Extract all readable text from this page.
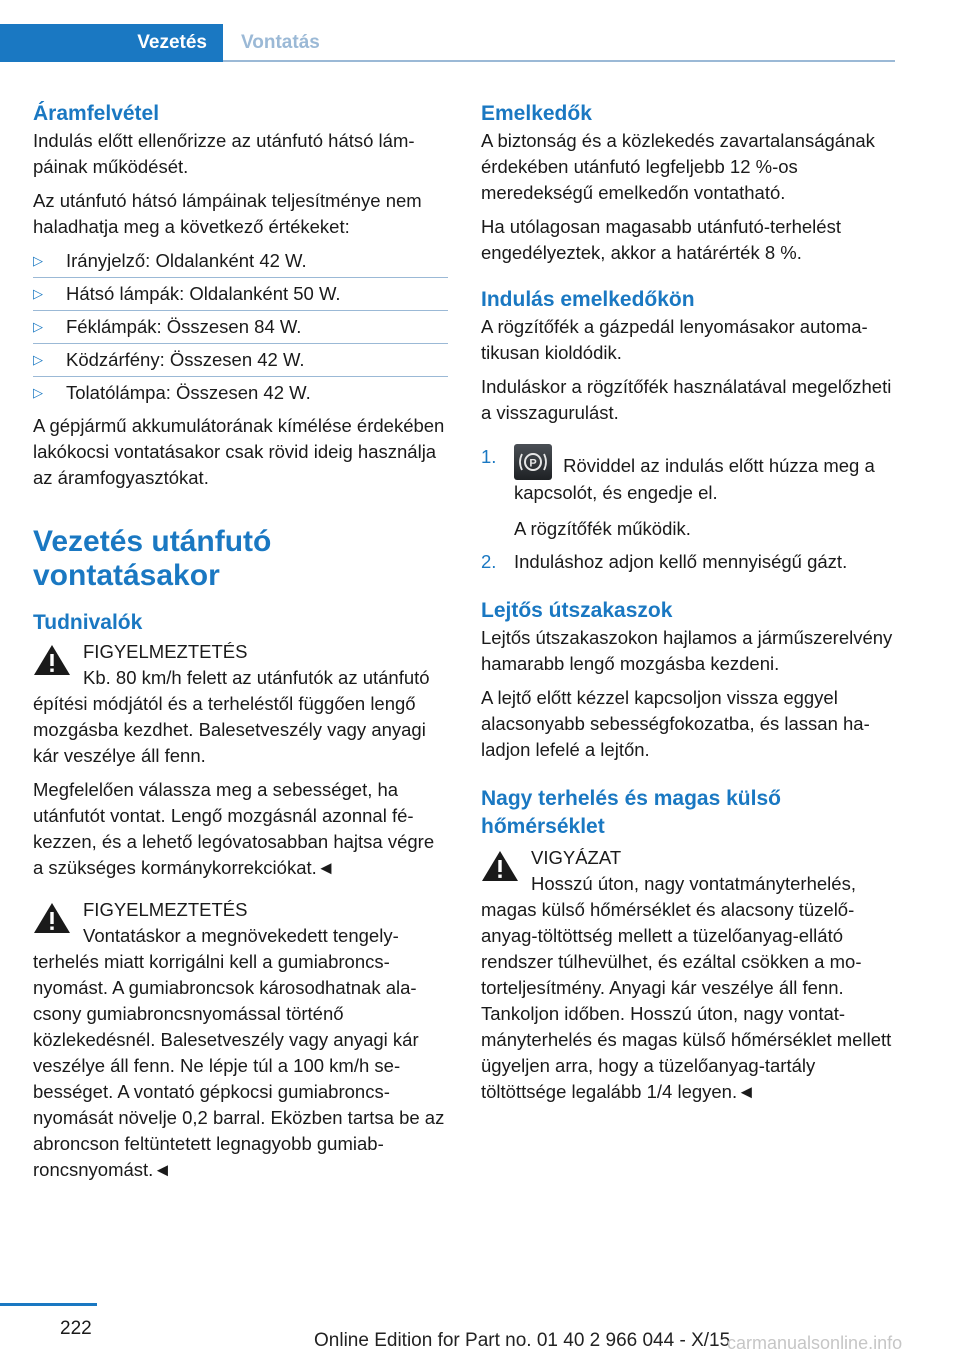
Vezetés	Vontatás
Áramfelvétel

Indulás előtt ellenőrizze az utánfutó hátsó lámpáinak működését.

Az utánfutó hátsó lámpáinak teljesítménye nem haladhatja meg a következő értékeket:

▷ Irányjelző: Oldalanként 42 W.
▷ Hátsó lámpák: Oldalanként 50 W.
▷ Féklámpák: Összesen 84 W.
▷ Ködzárfény: Összesen 42 W.
▷ Tolatólámpa: Összesen 42 W.

A gépjármű akkumulátorának kímélése érdekében lakókocsi vontatásakor csak rövid ideig használja az áramfogyasztókat.

Vezetés utánfutó vontatásakor
Tudnivalók
FIGYELMEZTETÉS

Kb. 80 km/h felett az utánfutók az utánfutó építési módjától és a terheléstől függően lengő mozgásba kezdhet. Balesetveszély vagy anyagi kár veszélye áll fenn.

Megfelelően válassza meg a sebességet, ha utánfutót vontat. Lengő mozgásnál azonnal fékezzen, és a lehető legóvatosabban hajtsa végre a szükséges kormánykorrekciókat.◄

FIGYELMEZTETÉS

Vontatáskor a megnövekedett tengelyterhelés miatt korrigálni kell a gumiabroncsnyomást. A gumiabroncsok károsodhatnak alacsony gumiabroncsnyomással történő közlekedésnél. Balesetveszély vagy anyagi kár veszélye áll fenn. Ne lépje túl a 100 km/h sebességet. A vontató gépkocsi gumiabroncsnyomását növelje 0,2 barral. Eközben tartsa be az abroncson feltüntetett legnagyobb gumiabroncsnyomást.◄

Emelkedők

A biztonság és a közlekedés zavartalanságának érdekében utánfutó legfeljebb 12 %-os meredekségű emelkedőn vontatható.

Ha utólagosan magasabb utánfutó-terhelést engedélyeztek, akkor a határérték 8 %.

Indulás emelkedőkön

A rögzítőfék a gázpedál lenyomásakor automatikusan kioldódik.

Induláskor a rögzítőfék használatával megelőzheti a visszagurulást.

1.	P Röviddel az indulás előtt húzza meg a kapcsolót, és engedje el.
A rögzítőfék működik.
2. Induláshoz adjon kellő mennyiségű gázt.
Lejtős útszakaszok

Lejtős útszakaszokon hajlamos a járműszerelvény hamarabb lengő mozgásba kezdeni.

A lejtő előtt kézzel kapcsoljon vissza eggyel alacsonyabb sebességfokozatba, és lassan haladjon lefelé a lejtőn.

Nagy terhelés és magas külső hőmérséklet
VIGYÁZAT

Hosszú úton, nagy vontatmányterhelés, magas külső hőmérséklet és alacsony tüzelőanyag-töltöttség mellett a tüzelőanyag-ellátó rendszer túlhevülhet, és ezáltal csökken a motorteljesítmény. Anyagi kár veszélye áll fenn. Tankoljon időben. Hosszú úton, nagy vontatmányterhelés és magas külső hőmérséklet mellett ügyeljen arra, hogy a tüzelőanyag-tartály töltöttsége legalább 1/4 legyen.◄

222
Online Edition for Part no. 01 40 2 966 044 - X/15
carmanualsonline.info
